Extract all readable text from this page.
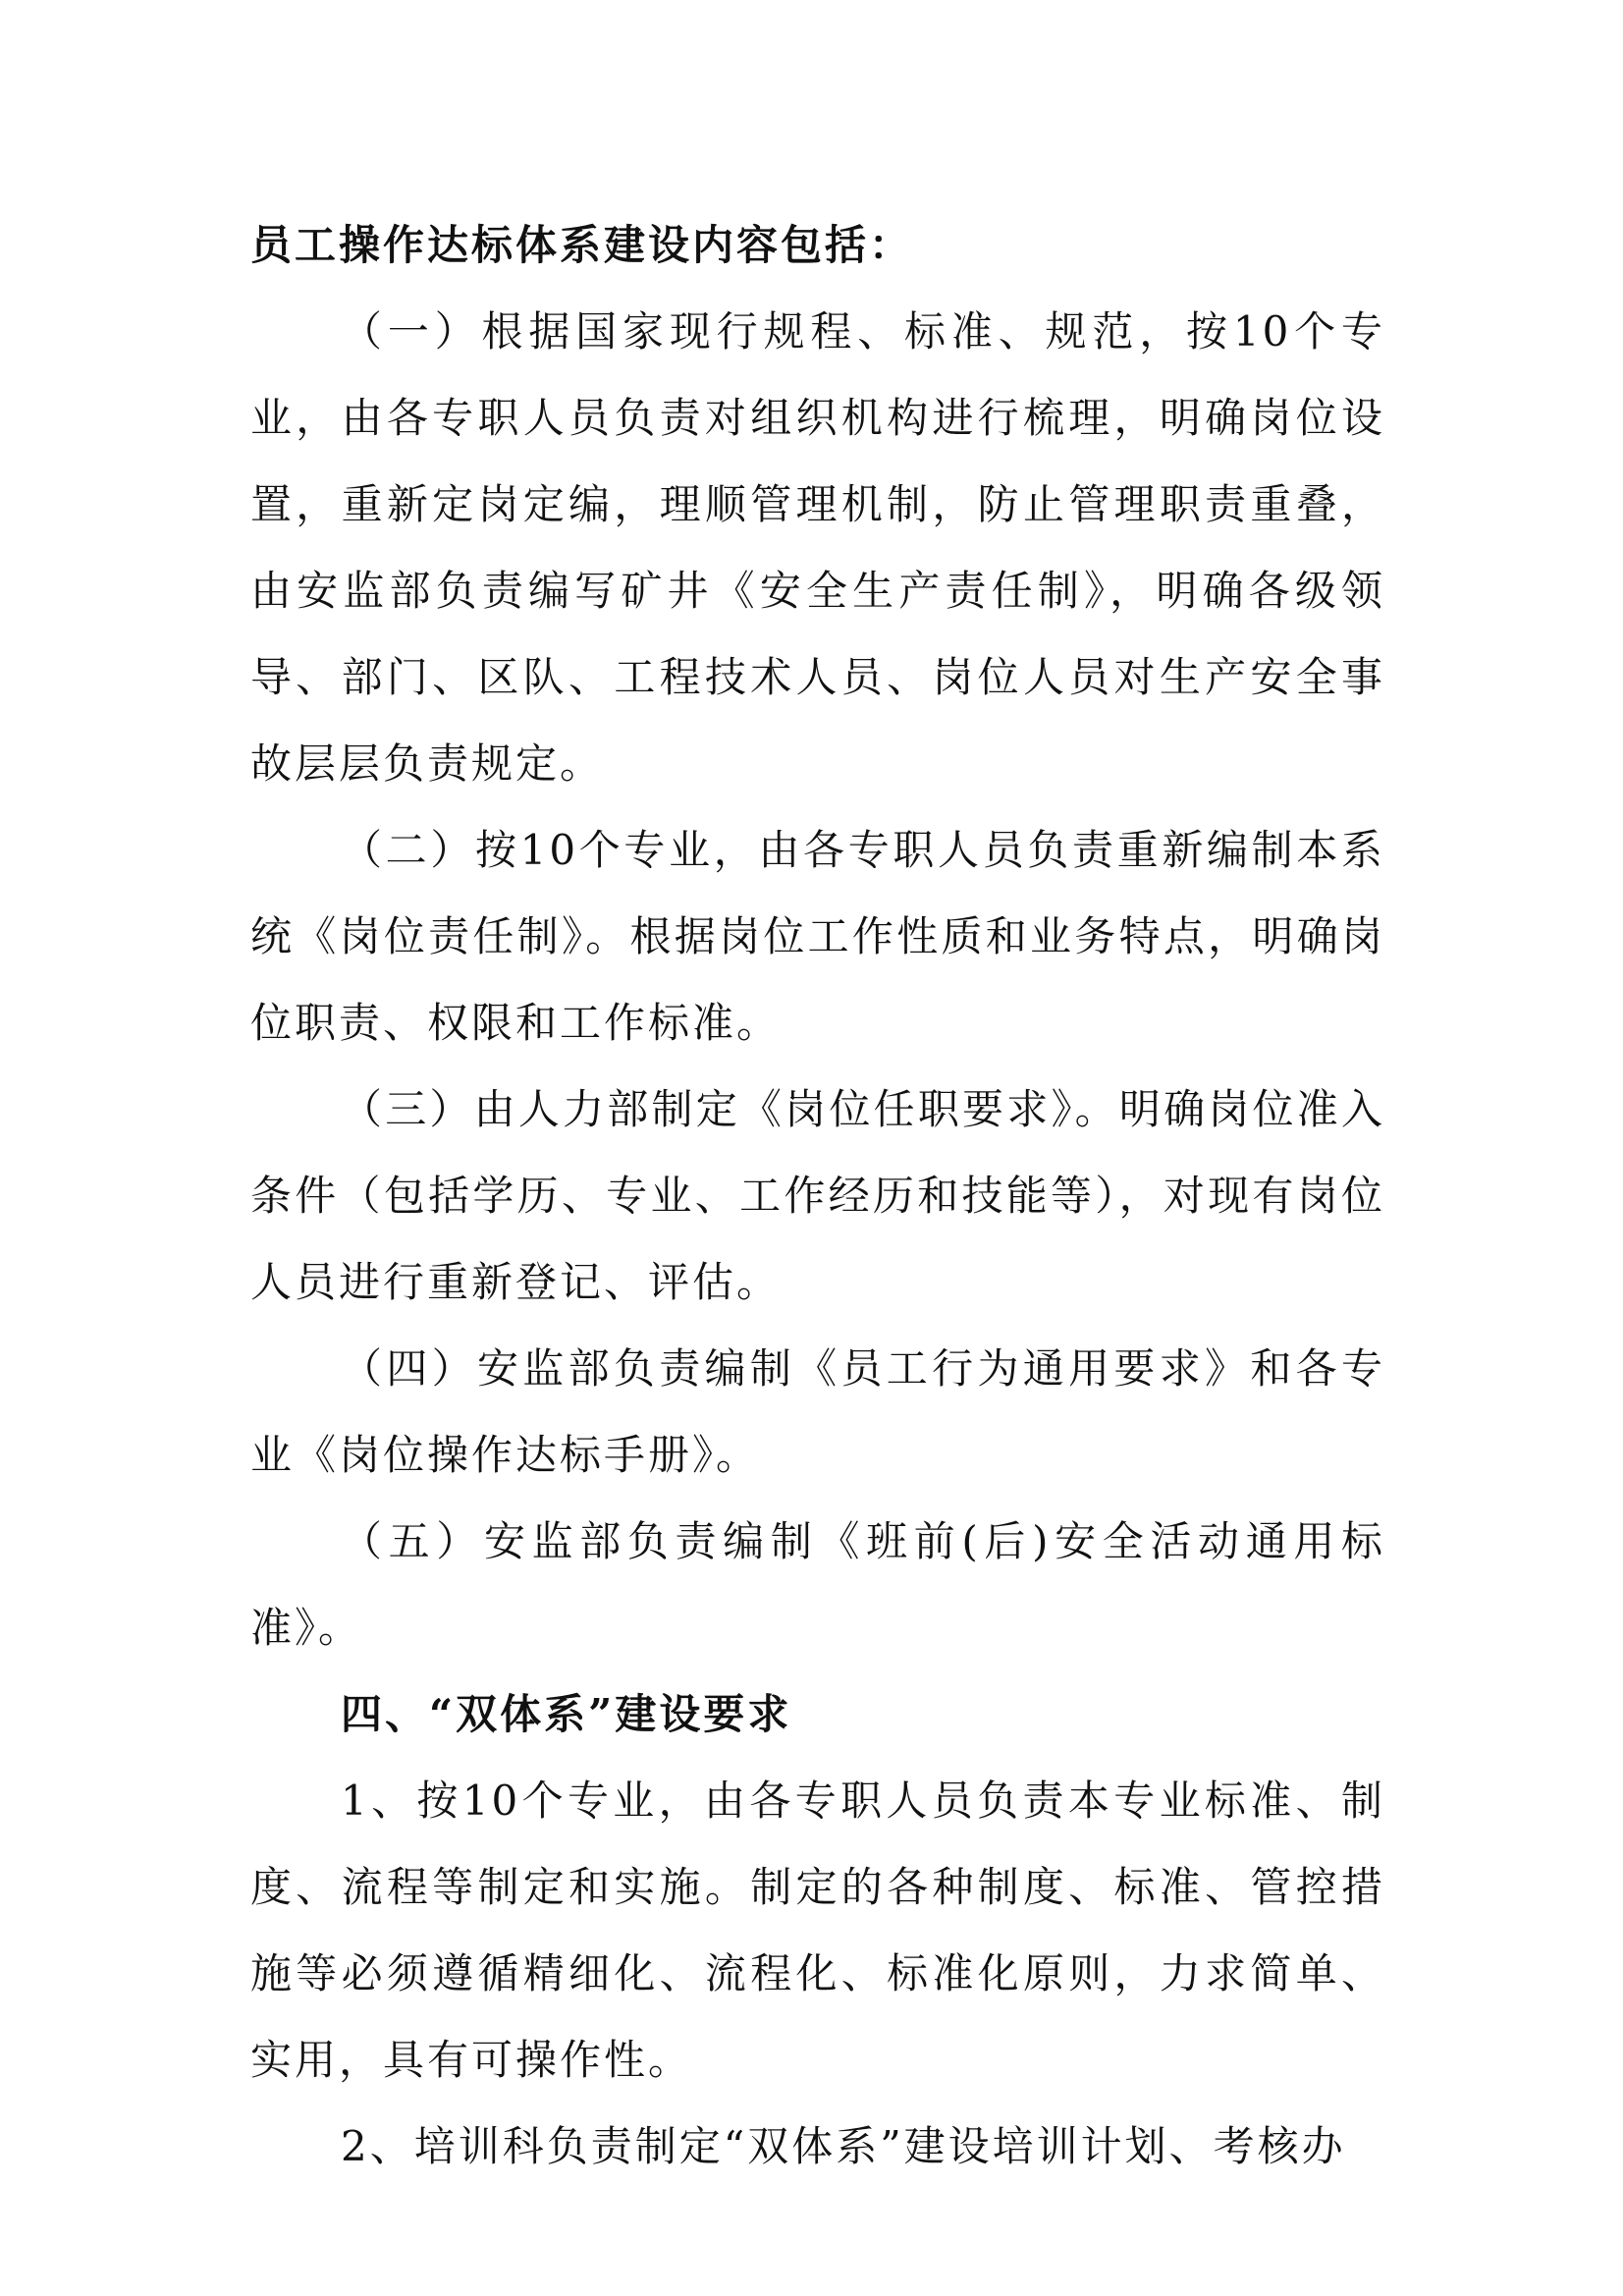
员工操作达标体系建设内容包括：

（一）根据国家现行规程、标准、规范，按10个专业，由各专职人员负责对组织机构进行梳理，明确岗位设置，重新定岗定编，理顺管理机制，防止管理职责重叠，由安监部负责编写矿井《安全生产责任制》，明确各级领导、部门、区队、工程技术人员、岗位人员对生产安全事故层层负责规定。

（二）按10个专业，由各专职人员负责重新编制本系统《岗位责任制》。根据岗位工作性质和业务特点，明确岗位职责、权限和工作标准。

（三）由人力部制定《岗位任职要求》。明确岗位准入条件（包括学历、专业、工作经历和技能等），对现有岗位人员进行重新登记、评估。

（四）安监部负责编制《员工行为通用要求》和各专业《岗位操作达标手册》。

（五）安监部负责编制《班前(后)安全活动通用标准》。

四、“双体系”建设要求

1、按10个专业，由各专职人员负责本专业标准、制度、流程等制定和实施。制定的各种制度、标准、管控措施等必须遵循精细化、流程化、标准化原则，力求简单、实用，具有可操作性。

2、培训科负责制定“双体系”建设培训计划、考核办
